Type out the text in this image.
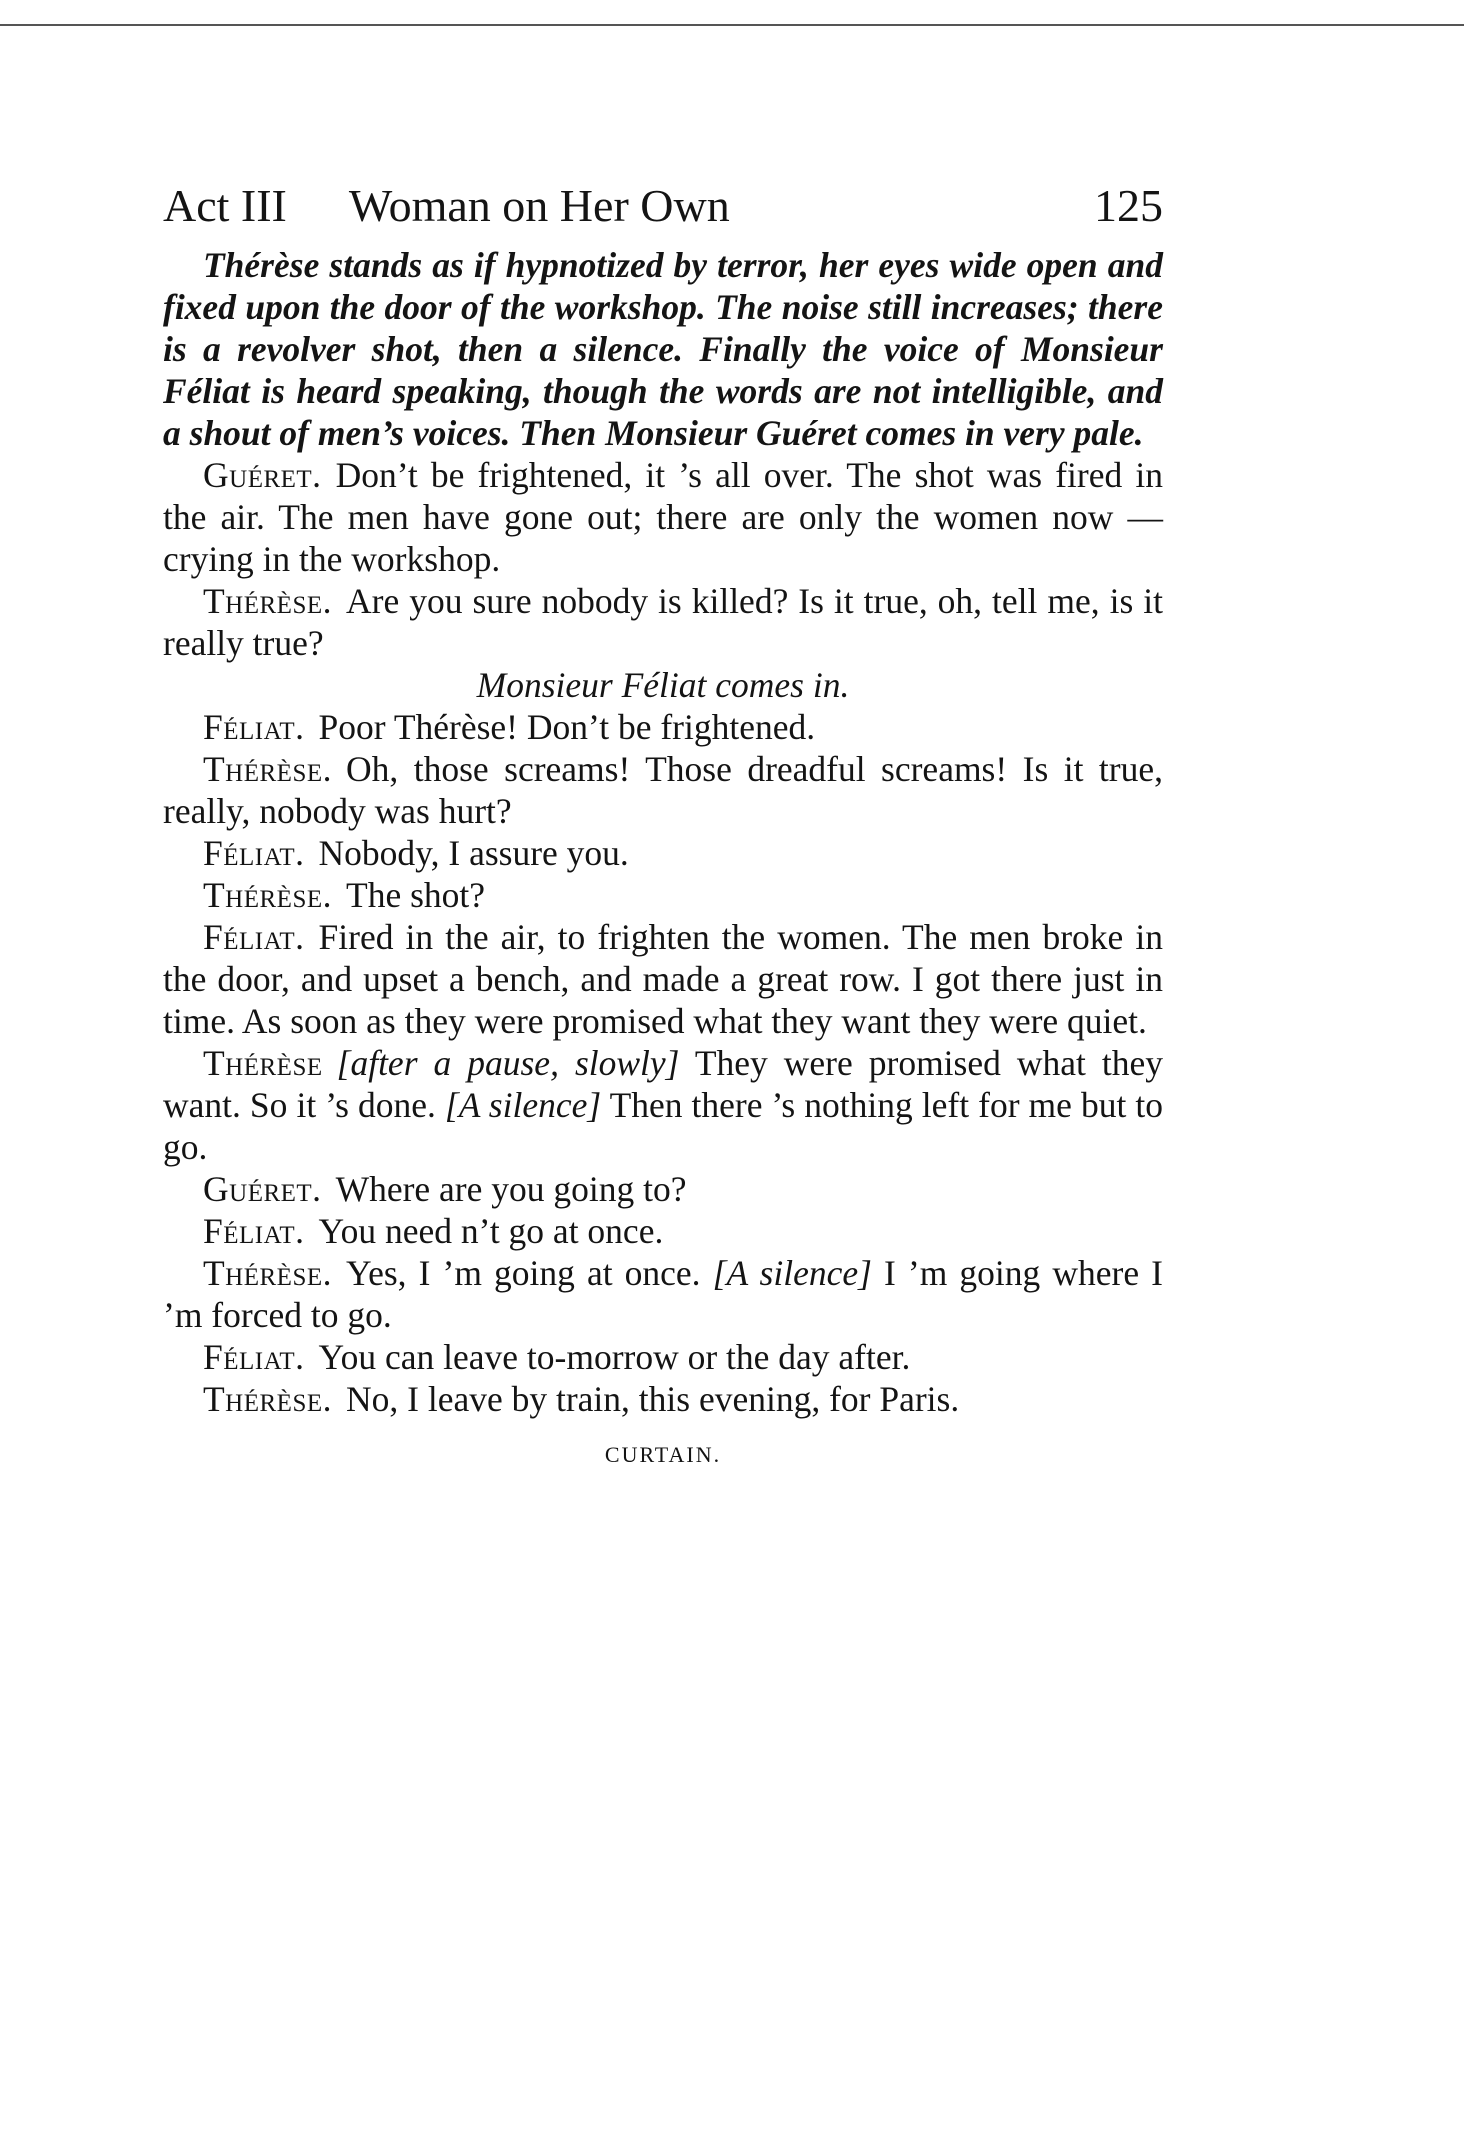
Act III Woman on Her Own	125

Thérèse stands as if hypnotized by terror, her eyes wide open and fixed upon the door of the workshop. The noise still increases; there is a revolver shot, then a silence. Finally the voice of Monsieur Féliat is heard speaking, though the words are not intelligible, and a shout of men’s voices. Then Monsieur Guéret comes in very pale.

Guéret. Don’t be frightened, it ’s all over. The shot was fired in the air. The men have gone out; there are only the women now — crying in the workshop.

Thérèse. Are you sure nobody is killed? Is it true, oh, tell me, is it really true?

Monsieur Féliat comes in.

Féliat. Poor Thérèse! Don’t be frightened.

Thérèse. Oh, those screams! Those dreadful screams! Is it true, really, nobody was hurt?

Féliat. Nobody, I assure you.

Thérèse. The shot?

Féliat. Fired in the air, to frighten the women. The men broke in the door, and upset a bench, and made a great row. I got there just in time. As soon as they were promised what they want they were quiet.

Thérèse [after a pause, slowly] They were promised what they want. So it ’s done. [A silence] Then there ’s nothing left for me but to go.

Guéret. Where are you going to?

Féliat. You need n’t go at once.

Thérèse. Yes, I ’m going at once. [A silence] I ’m going where I ’m forced to go.

Féliat. You can leave to-morrow or the day after.

Thérèse. No, I leave by train, this evening, for Paris.

CURTAIN.
